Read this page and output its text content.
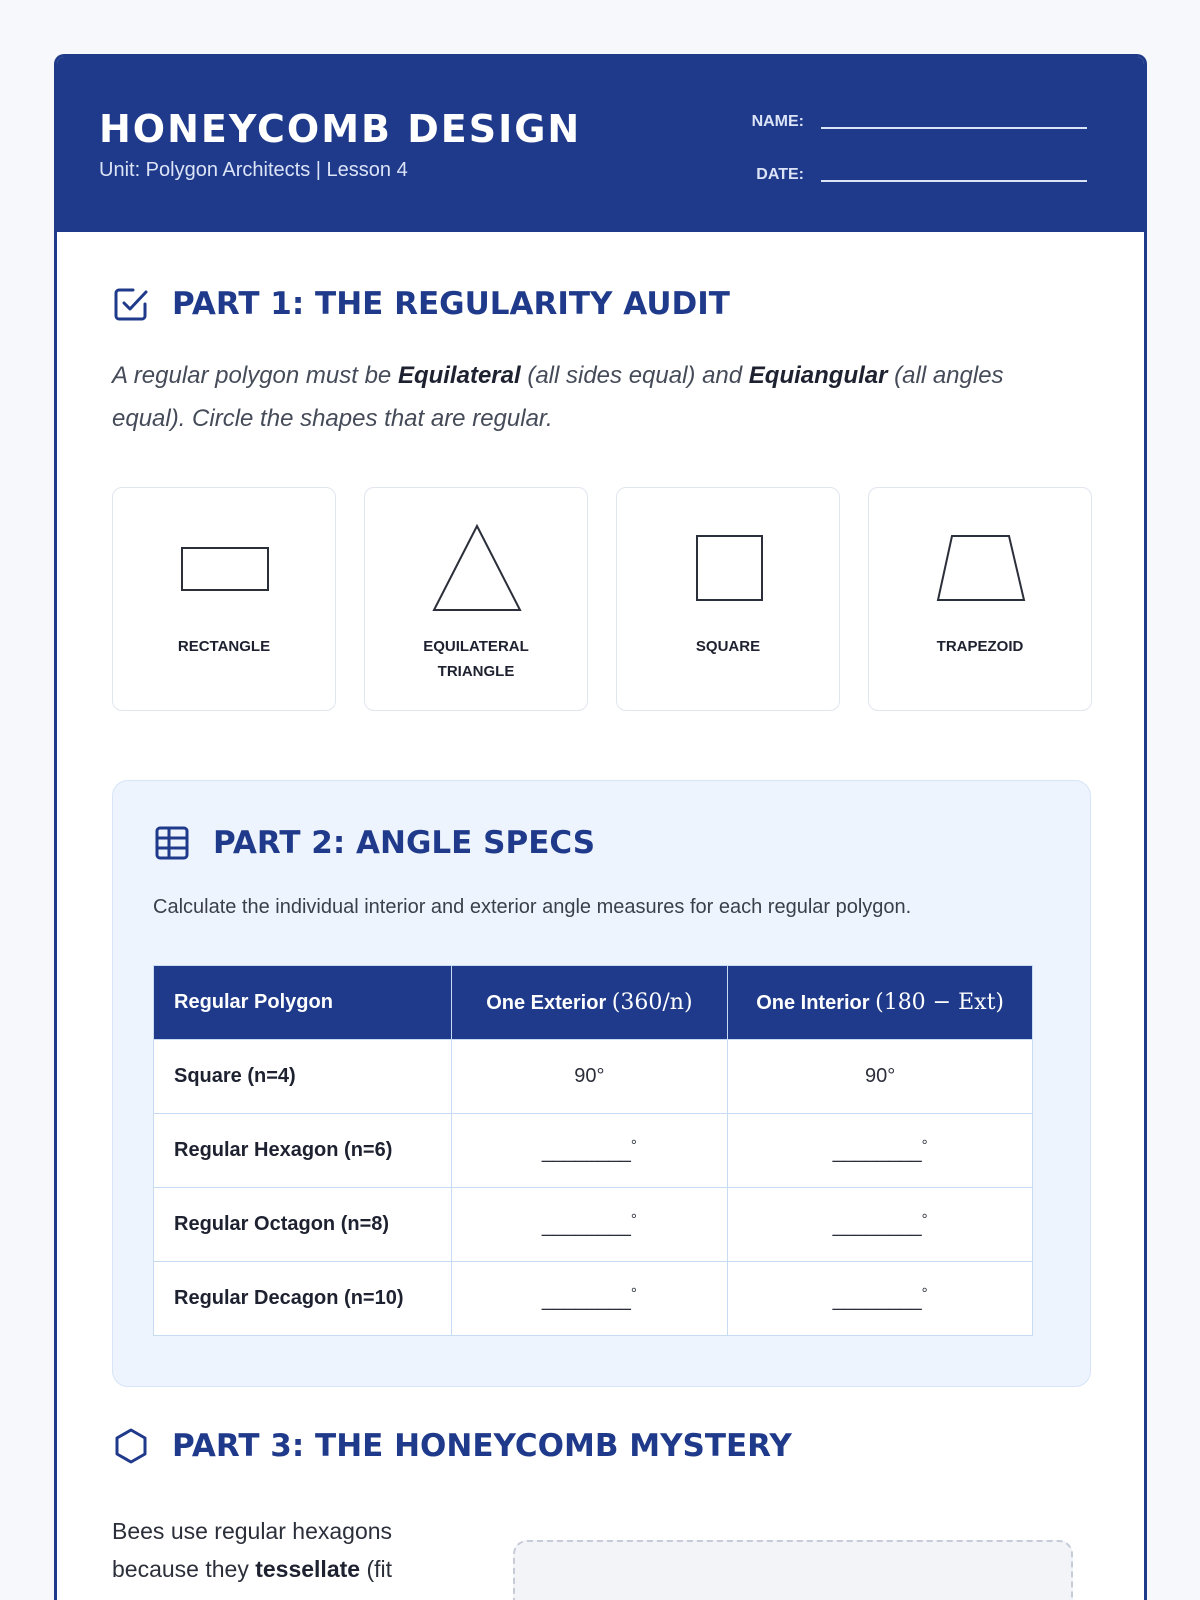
HONEYCOMB DESIGN
Unit: Polygon Architects | Lesson 4
NAME:
DATE:
PART 1: THE REGULARITY AUDIT
A regular polygon must be Equilateral (all sides equal) and Equiangular (all angles equal). Circle the shapes that are regular.
RECTANGLE	EQUILATERAL
TRIANGLE
SQUARE	TRAPEZOID
PART 2: ANGLE SPECS
Calculate the individual interior and exterior angle measures for each regular polygon.
Regular Polygon	One Exterior (360/n)	One Interior (180 − Ext)
Square (n=4)	90°	90°
Regular Hexagon (n=6)	________°	________°
Regular Octagon (n=8)	________°	________°
Regular Decagon (n=10)	________°	________°
PART 3: THE HONEYCOMB MYSTERY
Bees use regular hexagons because they tessellate (fit
